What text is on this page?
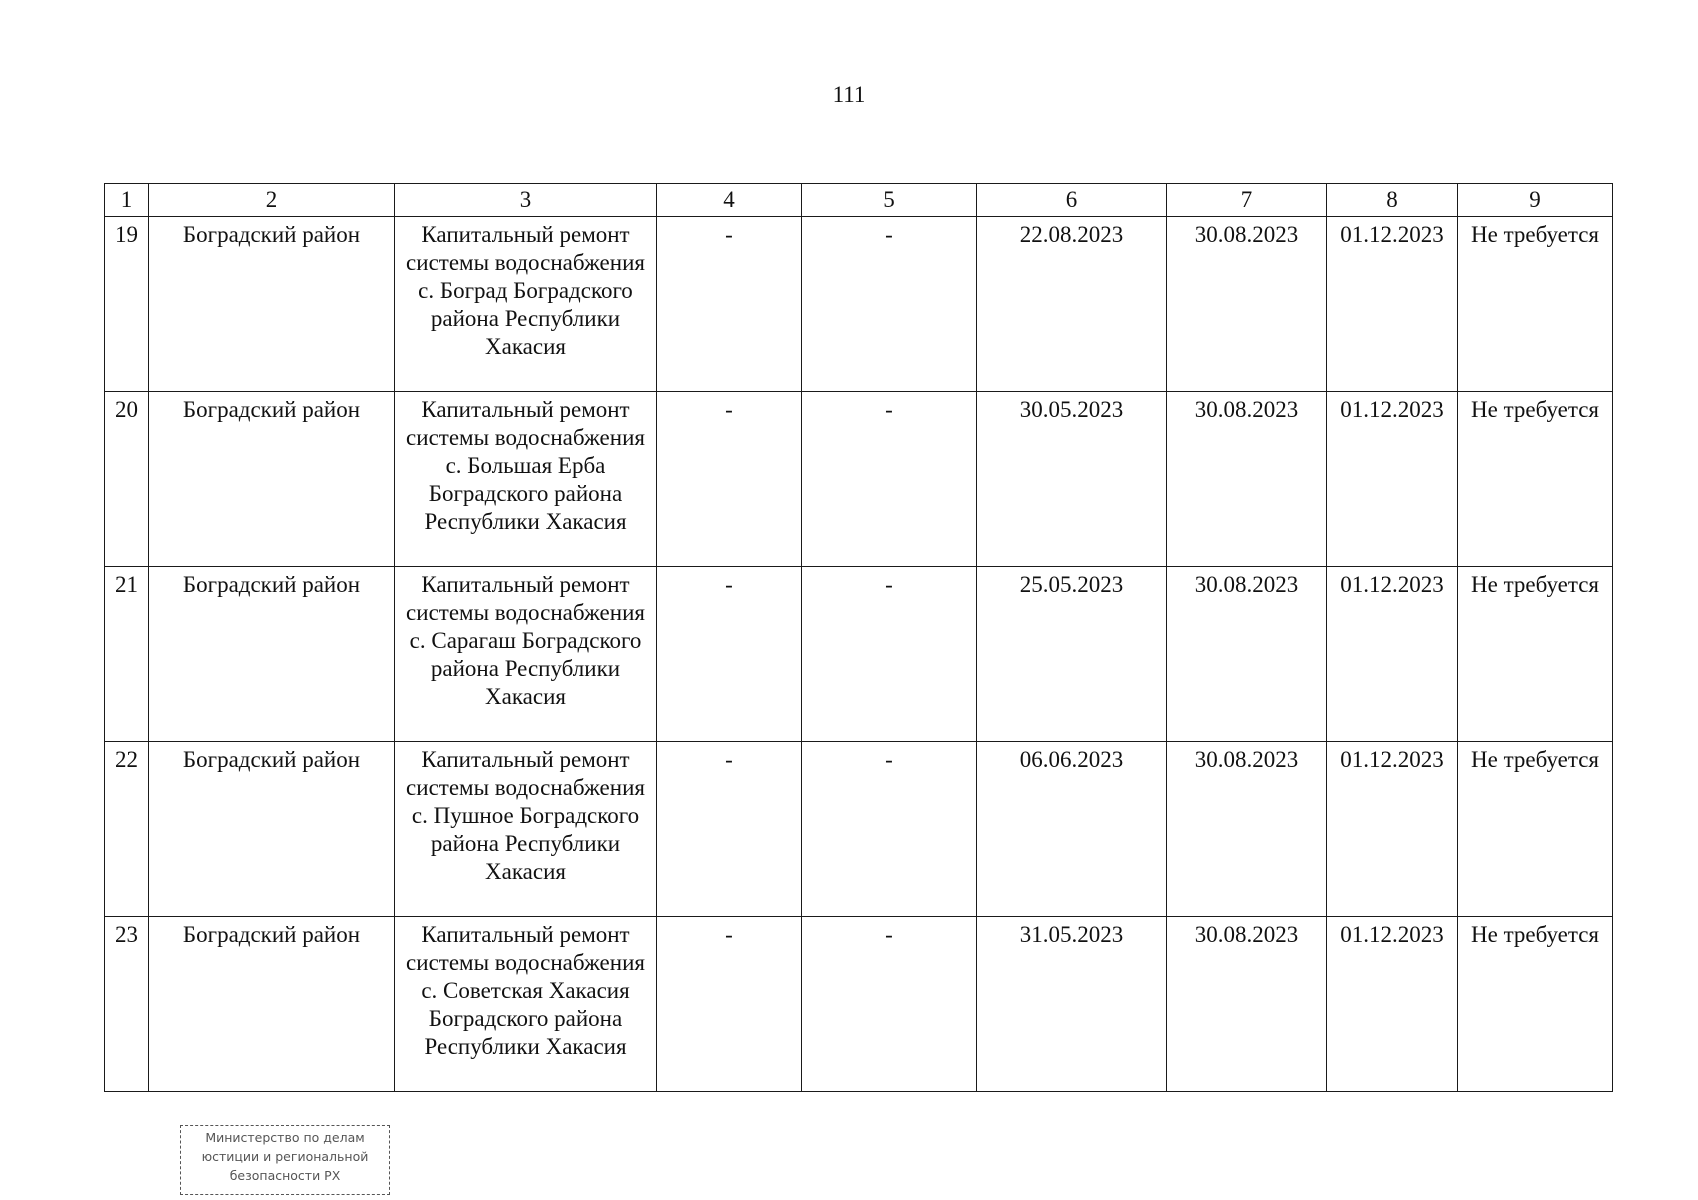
111
1	2	3	4	5	6	7	8	9
19	Боградский район	Капитальный ремонт системы водоснабжения с. Боград Боградского района Республики Хакасия	-	-	22.08.2023	30.08.2023	01.12.2023	Не требуется
20	Боградский район	Капитальный ремонт системы водоснабжения с. Большая Ерба Боградского района Республики Хакасия	-	-	30.05.2023	30.08.2023	01.12.2023	Не требуется
21	Боградский район	Капитальный ремонт системы водоснабжения с. Сарагаш Боградского района Республики Хакасия	-	-	25.05.2023	30.08.2023	01.12.2023	Не требуется
22	Боградский район	Капитальный ремонт системы водоснабжения с. Пушное Боградского района Республики Хакасия	-	-	06.06.2023	30.08.2023	01.12.2023	Не требуется
23	Боградский район	Капитальный ремонт системы водоснабжения с. Советская Хакасия Боградского района Республики Хакасия	-	-	31.05.2023	30.08.2023	01.12.2023	Не требуется
Министерство по делам
юстиции и региональной
безопасности РХ
